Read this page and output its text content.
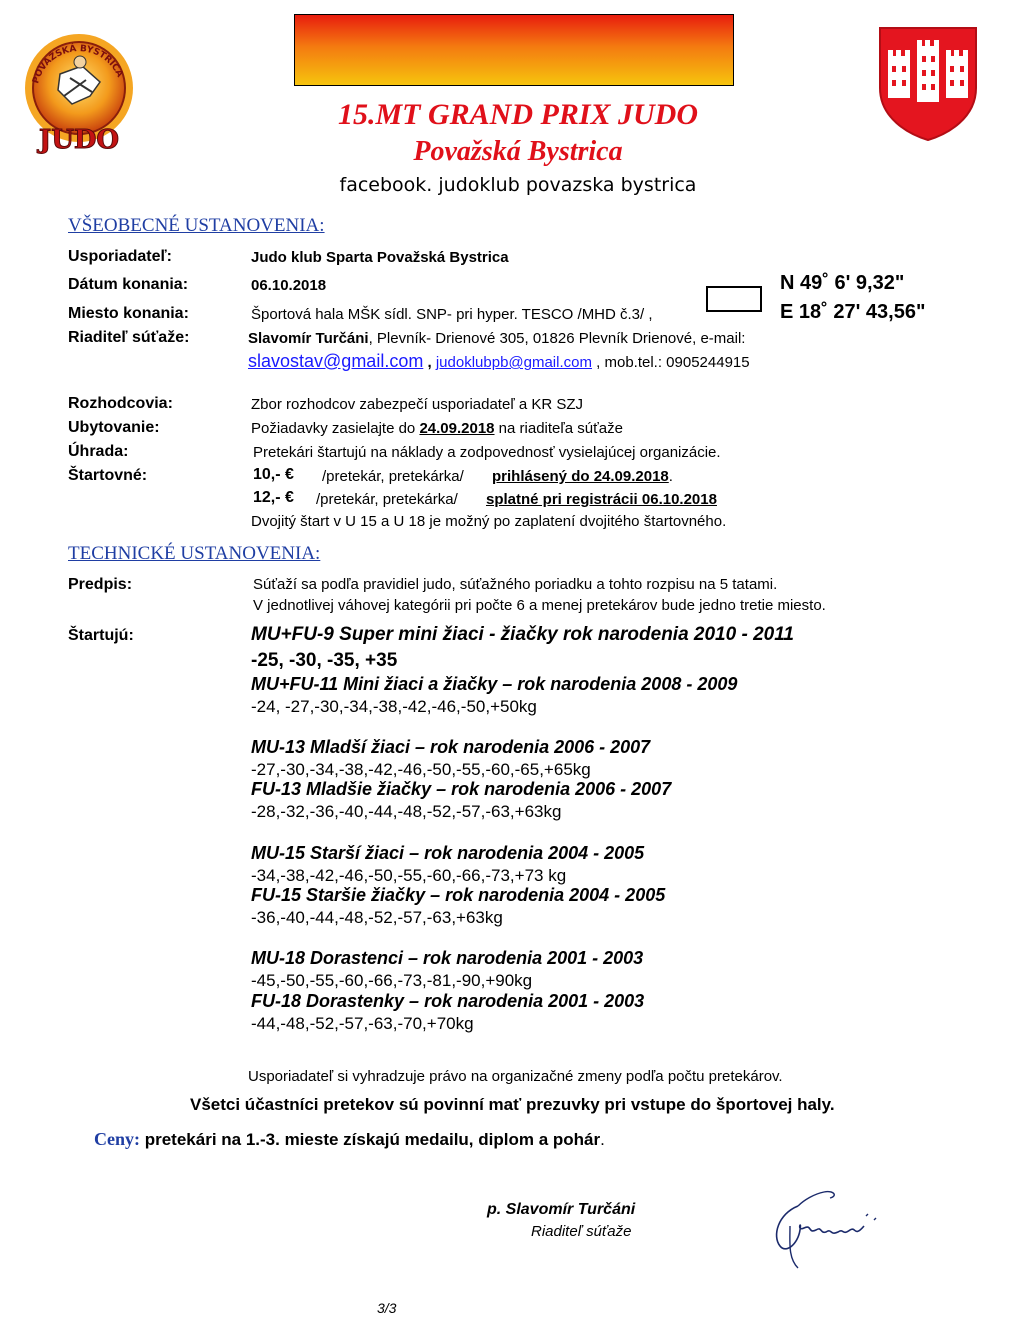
POVAŽSKÁ BYSTRICA
JUDO
15.MT GRAND PRIX JUDO
Považská Bystrica
facebook. judoklub povazska bystrica
VŠEOBECNÉ USTANOVENIA:
Usporiadateľ:	Judo klub Sparta Považská Bystrica
Dátum konania:	06.10.2018
Miesto konania:	Športová hala MŠK sídl. SNP- pri hyper. TESCO /MHD č.3/ ,
N 49˚ 6' 9,32"
E 18˚ 27' 43,56"
Riaditeľ súťaže:	Slavomír Turčáni, Plevník- Drienové 305, 01826 Plevník Drienové, e-mail:
slavostav@gmail.com , judoklubpb@gmail.com , mob.tel.: 0905244915
Rozhodcovia:	Zbor rozhodcov zabezpečí usporiadateľ a KR SZJ
Ubytovanie:	Požiadavky zasielajte do 24.09.2018 na riaditeľa súťaže
Úhrada:	Pretekári štartujú na náklady a zodpovednosť vysielajúcej organizácie.
Štartovné:	10,- € /pretekár, pretekárka/ prihlásený do 24.09.2018.
12,- € /pretekár, pretekárka/ splatné pri registrácii 06.10.2018
Dvojitý štart v U 15 a U 18 je možný po zaplatení dvojitého štartovného.
TECHNICKÉ USTANOVENIA:
Predpis:	Súťaží sa podľa pravidiel judo, súťažného poriadku a tohto rozpisu na 5 tatami.
V jednotlivej váhovej kategórii pri počte 6 a menej pretekárov bude jedno tretie miesto.
Štartujú:	MU+FU-9 Super mini žiaci - žiačky rok narodenia 2010 - 2011
-25, -30, -35, +35
MU+FU-11 Mini žiaci a žiačky – rok narodenia 2008 - 2009
-24, -27,-30,-34,-38,-42,-46,-50,+50kg
MU-13 Mladší žiaci – rok narodenia 2006 - 2007
-27,-30,-34,-38,-42,-46,-50,-55,-60,-65,+65kg
FU-13 Mladšie žiačky – rok narodenia 2006 - 2007
-28,-32,-36,-40,-44,-48,-52,-57,-63,+63kg
MU-15 Starší žiaci – rok narodenia 2004 - 2005
-34,-38,-42,-46,-50,-55,-60,-66,-73,+73 kg
FU-15 Staršie žiačky – rok narodenia 2004 - 2005
-36,-40,-44,-48,-52,-57,-63,+63kg
MU-18 Dorastenci – rok narodenia 2001 - 2003
-45,-50,-55,-60,-66,-73,-81,-90,+90kg
FU-18 Dorastenky – rok narodenia 2001 - 2003
-44,-48,-52,-57,-63,-70,+70kg
Usporiadateľ si vyhradzuje právo na organizačné zmeny podľa počtu pretekárov.
Všetci účastníci pretekov sú povinní mať prezuvky pri vstupe do športovej haly.
Ceny: pretekári na 1.-3. mieste získajú medailu, diplom a pohár.
p. Slavomír Turčáni
Riaditeľ súťaže
3/3
